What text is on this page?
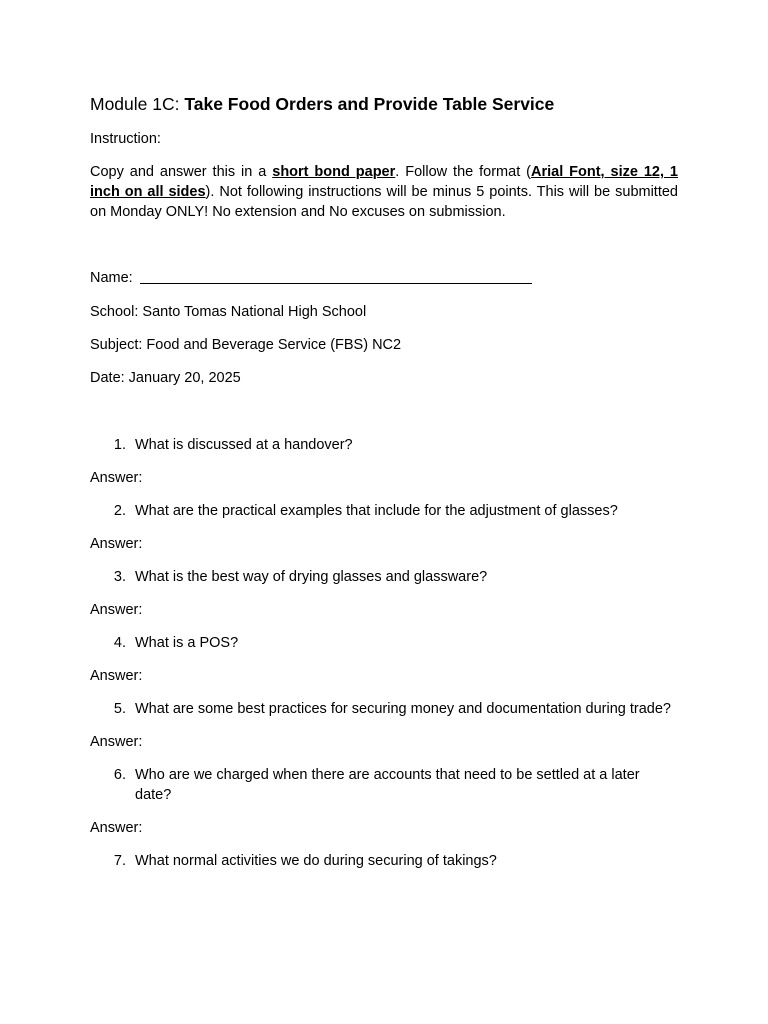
Module 1C: Take Food Orders and Provide Table Service

Instruction:

Copy and answer this in a short bond paper. Follow the format (Arial Font, size 12, 1 inch on all sides). Not following instructions will be minus 5 points. This will be submitted on Monday ONLY! No extension and No excuses on submission.

Name:

School: Santo Tomas National High School

Subject: Food and Beverage Service (FBS) NC2

Date: January 20, 2025

1. What is discussed at a handover?

Answer:

2. What are the practical examples that include for the adjustment of glasses?

Answer:

3. What is the best way of drying glasses and glassware?

Answer:

4. What is a POS?

Answer:

5. What are some best practices for securing money and documentation during trade?

Answer:

6. Who are we charged when there are accounts that need to be settled at a later date?

Answer:

7. What normal activities we do during securing of takings?
